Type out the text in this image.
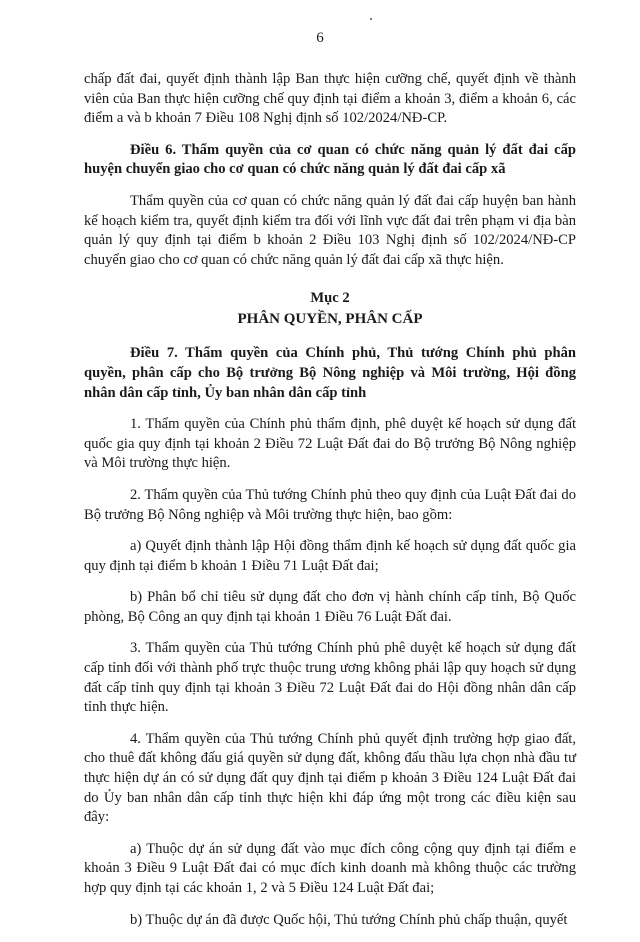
6

chấp đất đai, quyết định thành lập Ban thực hiện cưỡng chế, quyết định về thành viên của Ban thực hiện cưỡng chế quy định tại điểm a khoản 3, điểm a khoản 6, các điểm a và b khoản 7 Điều 108 Nghị định số 102/2024/NĐ-CP.

Điều 6. Thẩm quyền của cơ quan có chức năng quản lý đất đai cấp huyện chuyển giao cho cơ quan có chức năng quản lý đất đai cấp xã

Thẩm quyền của cơ quan có chức năng quản lý đất đai cấp huyện ban hành kế hoạch kiểm tra, quyết định kiểm tra đối với lĩnh vực đất đai trên phạm vi địa bàn quản lý quy định tại điểm b khoản 2 Điều 103 Nghị định số 102/2024/NĐ-CP chuyển giao cho cơ quan có chức năng quản lý đất đai cấp xã thực hiện.

Mục 2
PHÂN QUYỀN, PHÂN CẤP

Điều 7. Thẩm quyền của Chính phủ, Thủ tướng Chính phủ phân quyền, phân cấp cho Bộ trưởng Bộ Nông nghiệp và Môi trường, Hội đồng nhân dân cấp tỉnh, Ủy ban nhân dân cấp tỉnh

1. Thẩm quyền của Chính phủ thẩm định, phê duyệt kế hoạch sử dụng đất quốc gia quy định tại khoản 2 Điều 72 Luật Đất đai do Bộ trưởng Bộ Nông nghiệp và Môi trường thực hiện.

2. Thẩm quyền của Thủ tướng Chính phủ theo quy định của Luật Đất đai do Bộ trưởng Bộ Nông nghiệp và Môi trường thực hiện, bao gồm:

a) Quyết định thành lập Hội đồng thẩm định kế hoạch sử dụng đất quốc gia quy định tại điểm b khoản 1 Điều 71 Luật Đất đai;

b) Phân bổ chỉ tiêu sử dụng đất cho đơn vị hành chính cấp tỉnh, Bộ Quốc phòng, Bộ Công an quy định tại khoản 1 Điều 76 Luật Đất đai.

3. Thẩm quyền của Thủ tướng Chính phủ phê duyệt kế hoạch sử dụng đất cấp tỉnh đối với thành phố trực thuộc trung ương không phải lập quy hoạch sử dụng đất cấp tỉnh quy định tại khoản 3 Điều 72 Luật Đất đai do Hội đồng nhân dân cấp tỉnh thực hiện.

4. Thẩm quyền của Thủ tướng Chính phủ quyết định trường hợp giao đất, cho thuê đất không đấu giá quyền sử dụng đất, không đấu thầu lựa chọn nhà đầu tư thực hiện dự án có sử dụng đất quy định tại điểm p khoản 3 Điều 124 Luật Đất đai do Ủy ban nhân dân cấp tỉnh thực hiện khi đáp ứng một trong các điều kiện sau đây:

a) Thuộc dự án sử dụng đất vào mục đích công cộng quy định tại điểm e khoản 3 Điều 9 Luật Đất đai có mục đích kinh doanh mà không thuộc các trường hợp quy định tại các khoản 1, 2 và 5 Điều 124 Luật Đất đai;

b) Thuộc dự án đã được Quốc hội, Thủ tướng Chính phủ chấp thuận, quyết
